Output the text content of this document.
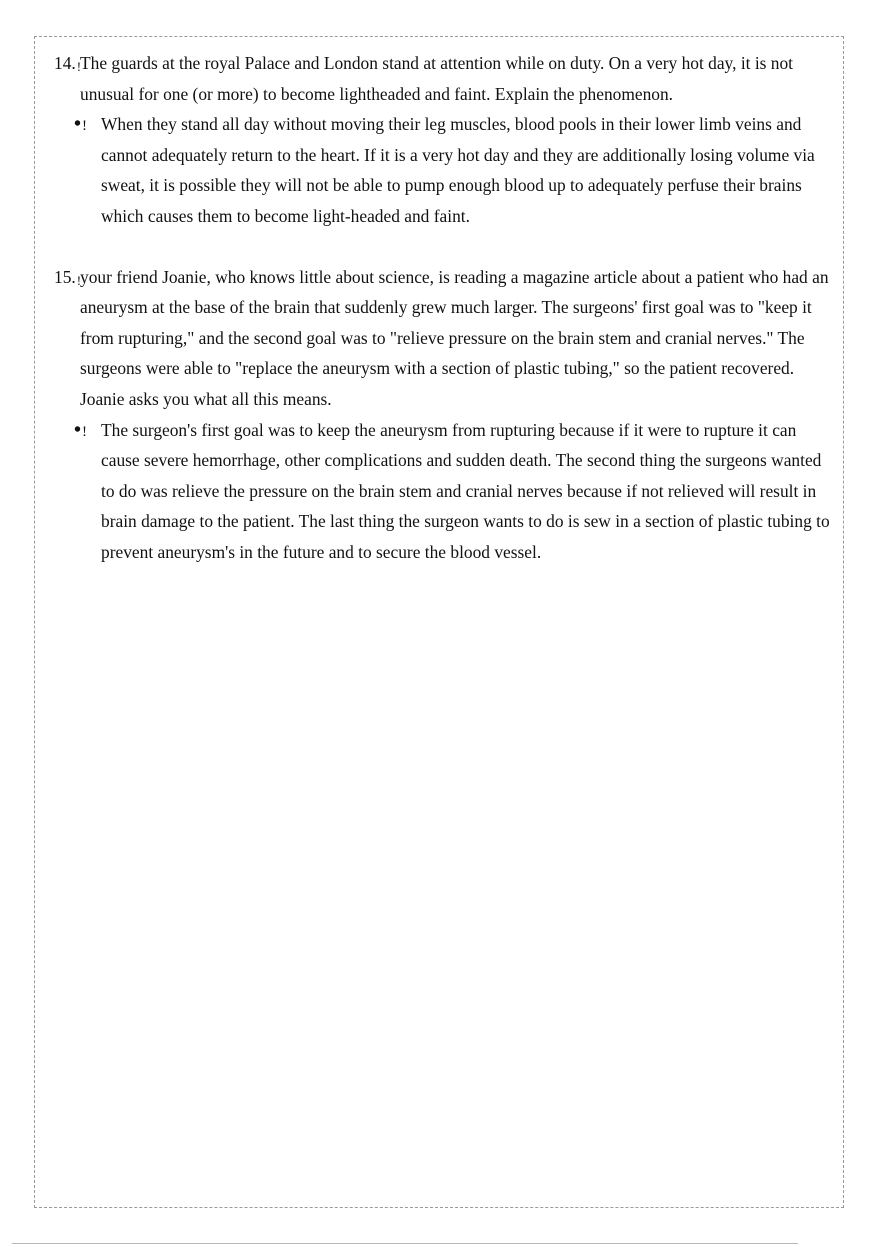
14.!
The guards at the royal Palace and London stand at attention while on duty. On a very hot day, it is not unusual for one (or more) to become lightheaded and faint. Explain the phenomenon.

•! When they stand all day without moving their leg muscles, blood pools in their lower limb veins and cannot adequately return to the heart. If it is a very hot day and they are additionally losing volume via sweat, it is possible they will not be able to pump enough blood up to adequately perfuse their brains which causes them to become light-headed and faint.

15.!
your friend Joanie, who knows little about science, is reading a magazine article about a patient who had an aneurysm at the base of the brain that suddenly grew much larger. The surgeons' first goal was to "keep it from rupturing," and the second goal was to "relieve pressure on the brain stem and cranial nerves." The surgeons were able to "replace the aneurysm with a section of plastic tubing," so the patient recovered. Joanie asks you what all this means.

•! The surgeon's first goal was to keep the aneurysm from rupturing because if it were to rupture it can cause severe hemorrhage, other complications and sudden death. The second thing the surgeons wanted to do was relieve the pressure on the brain stem and cranial nerves because if not relieved will result in brain damage to the patient. The last thing the surgeon wants to do is sew in a section of plastic tubing to prevent aneurysm's in the future and to secure the blood vessel.
